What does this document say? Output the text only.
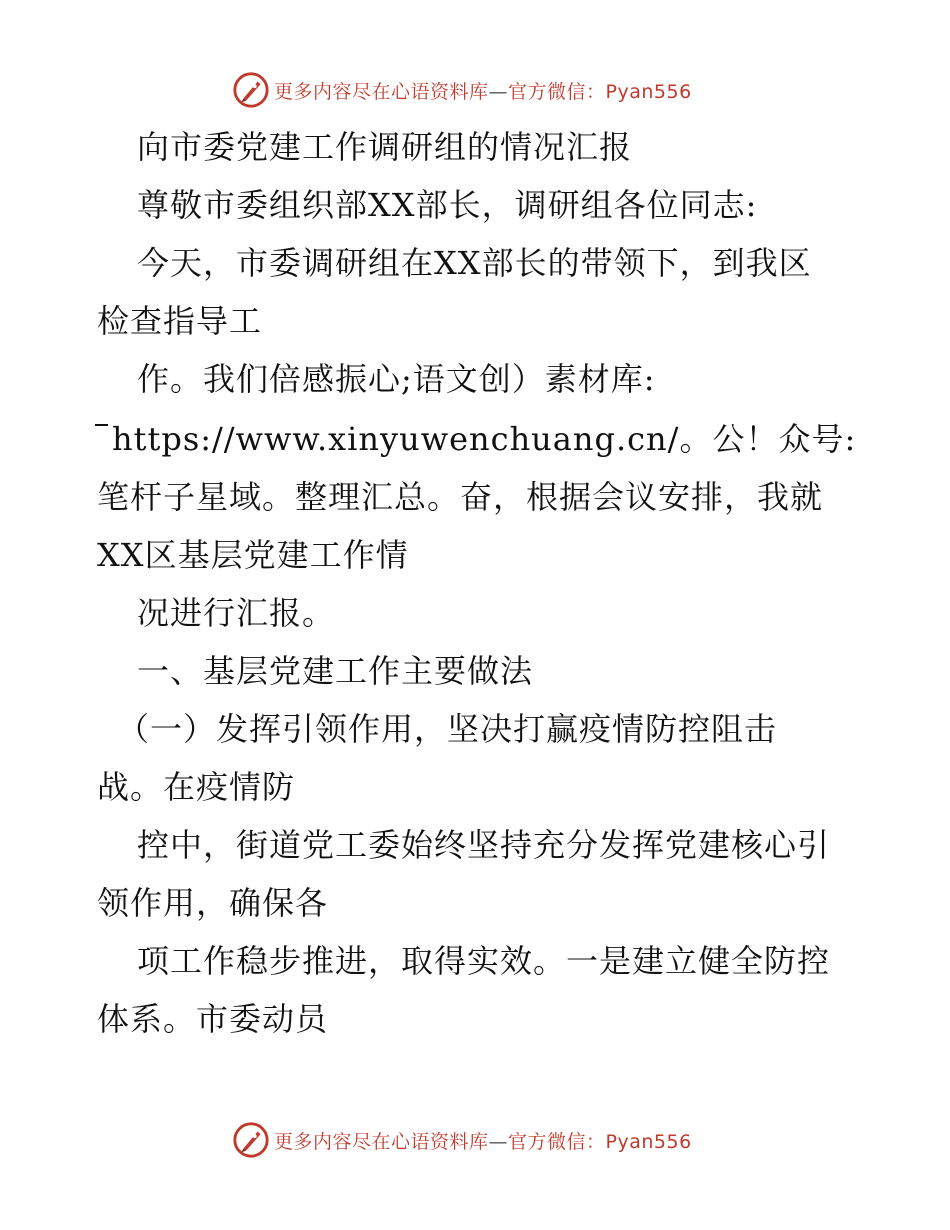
更多内容尽在心语资料库—官方微信：Pyan556
向市委党建工作调研组的情况汇报
尊敬市委组织部XX部长，调研组各位同志:
今天，市委调研组在XX部长的带领下，到我区
检查指导工
作。我们倍感振心;语文创）素材库:
https://www.xinyuwenchuang.cn/。公！众号:
笔杆子星域。整理汇总。奋，根据会议安排，我就
XX区基层党建工作情
况进行汇报。
一、基层党建工作主要做法
（一）发挥引领作用，坚决打赢疫情防控阻击
战。在疫情防
控中，街道党工委始终坚持充分发挥党建核心引
领作用，确保各
项工作稳步推进，取得实效。一是建立健全防控
体系。市委动员
更多内容尽在心语资料库—官方微信：Pyan556
